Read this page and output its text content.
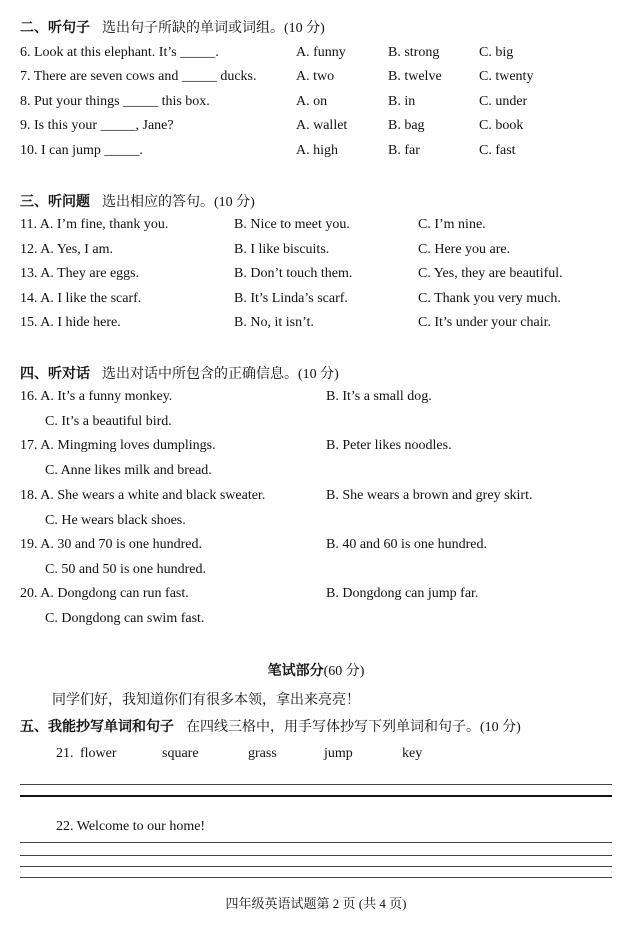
二、听句子 选出句子所缺的单词或词组。(10 分)
6. Look at this elephant. It’s _____.	A. funny	B. strong	C. big
7. There are seven cows and _____ ducks.	A. two	B. twelve	C. twenty
8. Put your things _____ this box.	A. on	B. in	C. under
9. Is this your _____, Jane?	A. wallet	B. bag	C. book
10. I can jump _____.	A. high	B. far	C. fast
三、听问题 选出相应的答句。(10 分)
11. A. I’m fine, thank you.	B. Nice to meet you.	C. I’m nine.
12. A. Yes, I am.	B. I like biscuits.	C. Here you are.
13. A. They are eggs.	B. Don’t touch them.	C. Yes, they are beautiful.
14. A. I like the scarf.	B. It’s Linda’s scarf.	C. Thank you very much.
15. A. I hide here.	B. No, it isn’t.	C. It’s under your chair.
四、听对话 选出对话中所包含的正确信息。(10 分)
16. A. It’s a funny monkey.	B. It’s a small dog.
C. It’s a beautiful bird.
17. A. Mingming loves dumplings.	B. Peter likes noodles.
C. Anne likes milk and bread.
18. A. She wears a white and black sweater.	B. She wears a brown and grey skirt.
C. He wears black shoes.
19. A. 30 and 70 is one hundred.	B. 40 and 60 is one hundred.
C. 50 and 50 is one hundred.
20. A. Dongdong can run fast.	B. Dongdong can jump far.
C. Dongdong can swim fast.
笔试部分(60 分)
同学们好，我知道你们有很多本领，拿出来亮亮！
五、我能抄写单词和句子 在四线三格中，用手写体抄写下列单词和句子。(10 分)
21. flower	square	grass	jump	key
22. Welcome to our home!
四年级英语试题第 2 页 (共 4 页)
